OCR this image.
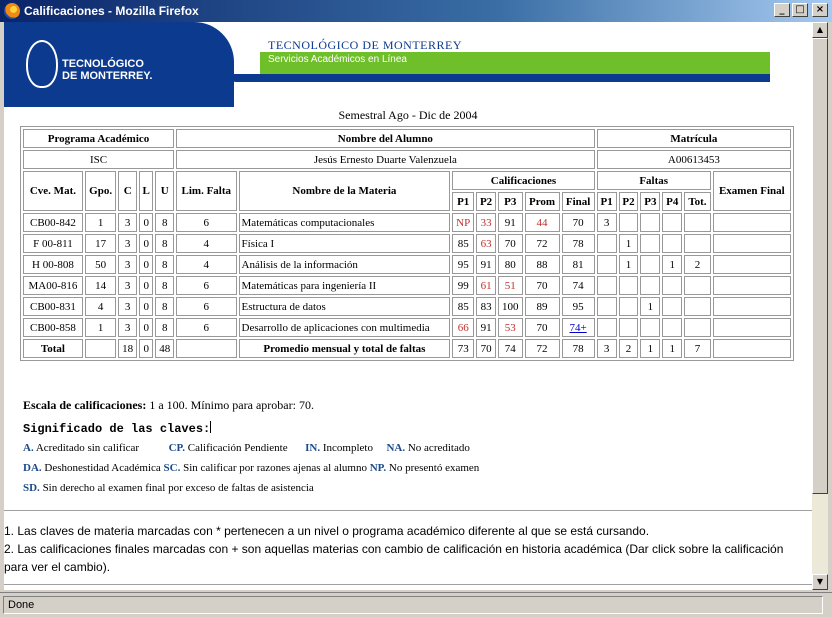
Calificaciones - Mozilla Firefox	_	□	×
TECNOLÓGICO
DE MONTERREY.
TECNOLÓGICO DE MONTERREY
Servicios Académicos en Línea
Semestral Ago - Dic de 2004
Programa Académico					Nombre del Alumno							Matrícula					
ISC					Jesús Ernesto Duarte Valenzuela							A00613453					
Cve. Mat.	Gpo.	C	L	U	Lim. Falta	Nombre de la Materia	Calificaciones					Faltas					Examen Final
							P1	P2	P3	Prom	Final	P1	P2	P3	P4	Tot.	
CB00-842	1	3	0	8	6	Matemáticas computacionales	NP	33	91	44	70	3					
F 00-811	17	3	0	8	4	Física I	85	63	70	72	78		1				
H 00-808	50	3	0	8	4	Análisis de la información	95	91	80	88	81		1		1	2	
MA00-816	14	3	0	8	6	Matemáticas para ingeniería II	99	61	51	70	74						
CB00-831	4	3	0	8	6	Estructura de datos	85	83	100	89	95			1			
CB00-858	1	3	0	8	6	Desarrollo de aplicaciones con multimedia	66	91	53	70	74+						
Total		18	0	48		Promedio mensual y total de faltas	73	70	74	72	78	3	2	1	1	7	
Escala de calificaciones: 1 a 100. Mínimo para aprobar: 70.
Significado de las claves:
A. Acreditado sin calificar	CP. Calificación Pendiente IN. Incompleto NA. No acreditado
DA. Deshonestidad Académica SC. Sin calificar por razones ajenas al alumno NP. No presentó examen
SD. Sin derecho al examen final por exceso de faltas de asistencia
1. Las claves de materia marcadas con * pertenecen a un nivel o programa académico diferente al que se está cursando.
2. Las calificaciones finales marcadas con + son aquellas materias con cambio de calificación en historia académica (Dar click sobre la calificación para ver el cambio).
▲
▼
Done
